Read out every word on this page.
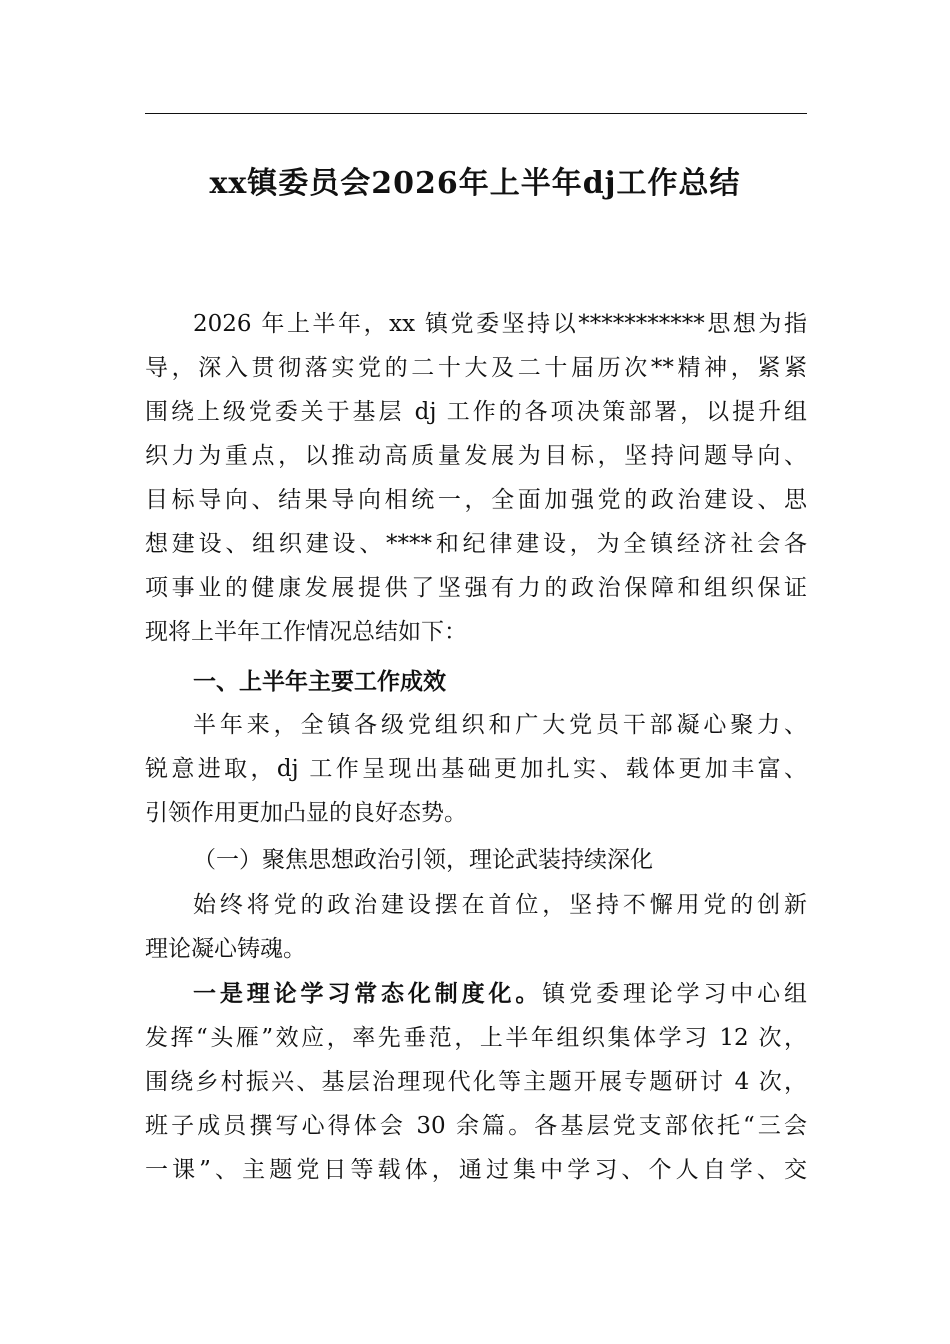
xx镇委员会2026年上半年dj工作总结
2026 年上半年，xx 镇党委坚持以***********思想为指
导，深入贯彻落实党的二十大及二十届历次**精神，紧紧
围绕上级党委关于基层 dj 工作的各项决策部署，以提升组
织力为重点，以推动高质量发展为目标，坚持问题导向、
目标导向、结果导向相统一，全面加强党的政治建设、思
想建设、组织建设、****和纪律建设，为全镇经济社会各
项事业的健康发展提供了坚强有力的政治保障和组织保证
现将上半年工作情况总结如下：
一、上半年主要工作成效
半年来，全镇各级党组织和广大党员干部凝心聚力、
锐意进取，dj 工作呈现出基础更加扎实、载体更加丰富、
引领作用更加凸显的良好态势。
（一）聚焦思想政治引领，理论武装持续深化
始终将党的政治建设摆在首位，坚持不懈用党的创新
理论凝心铸魂。
一是理论学习常态化制度化。镇党委理论学习中心组
发挥“头雁”效应，率先垂范，上半年组织集体学习 12 次，
围绕乡村振兴、基层治理现代化等主题开展专题研讨 4 次，
班子成员撰写心得体会 30 余篇。各基层党支部依托“三会
一课”、主题党日等载体，通过集中学习、个人自学、交
